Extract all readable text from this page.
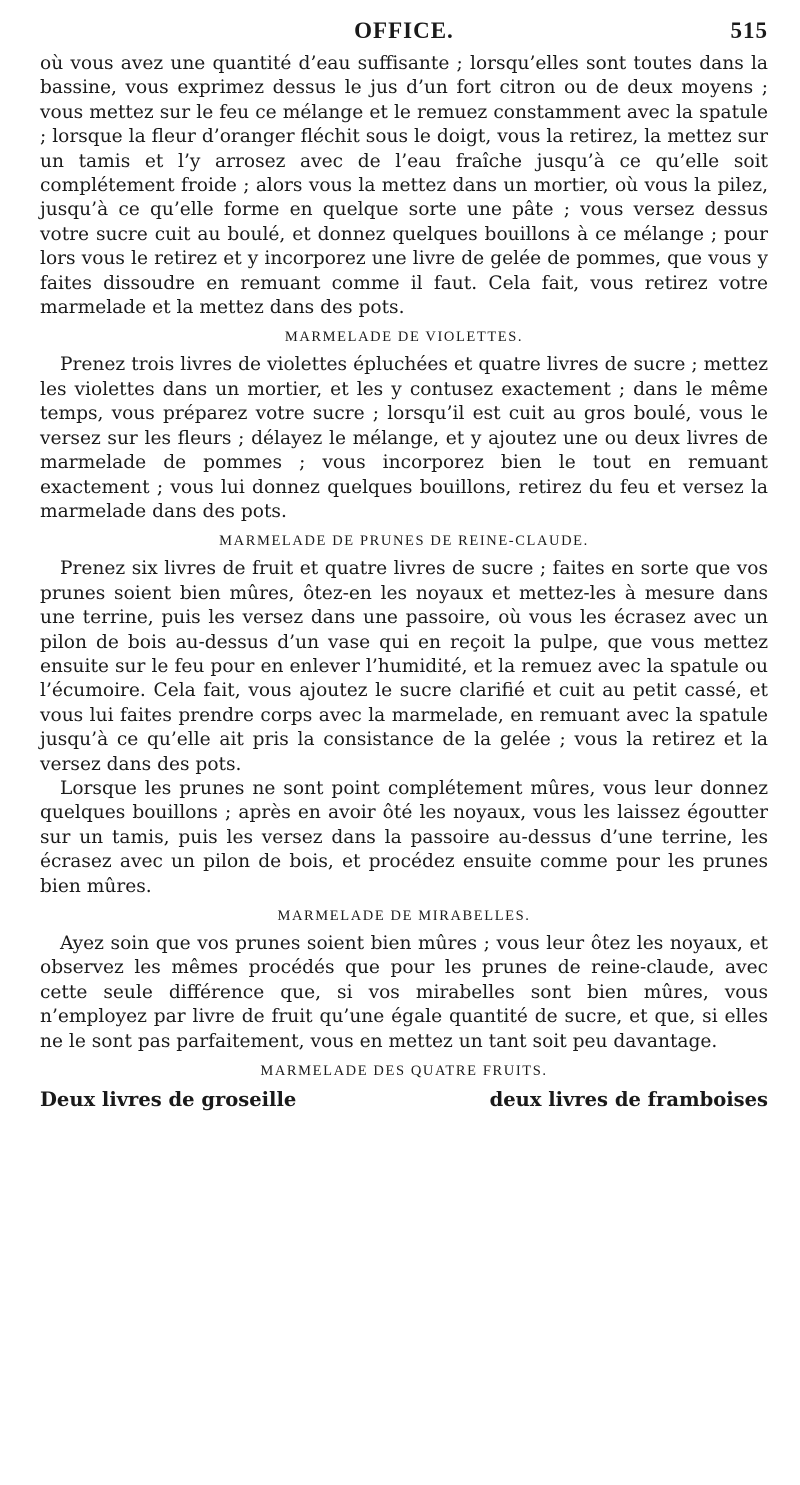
OFFICE.	515

où vous avez une quantité d’eau suffisante ; lorsqu’elles sont toutes dans la bassine, vous exprimez dessus le jus d’un fort citron ou de deux moyens ; vous mettez sur le feu ce mélange et le remuez constamment avec la spatule ; lorsque la fleur d’oranger fléchit sous le doigt, vous la retirez, la mettez sur un tamis et l’y arrosez avec de l’eau fraîche jusqu’à ce qu’elle soit complétement froide ; alors vous la mettez dans un mortier, où vous la pilez, jusqu’à ce qu’elle forme en quelque sorte une pâte ; vous versez dessus votre sucre cuit au boulé, et donnez quelques bouillons à ce mélange ; pour lors vous le retirez et y incorporez une livre de gelée de pommes, que vous y faites dissoudre en remuant comme il faut. Cela fait, vous retirez votre marmelade et la mettez dans des pots.

MARMELADE DE VIOLETTES.

Prenez trois livres de violettes épluchées et quatre livres de sucre ; mettez les violettes dans un mortier, et les y contusez exactement ; dans le même temps, vous préparez votre sucre ; lorsqu’il est cuit au gros boulé, vous le versez sur les fleurs ; délayez le mélange, et y ajoutez une ou deux livres de marmelade de pommes ; vous incorporez bien le tout en remuant exactement ; vous lui donnez quelques bouillons, retirez du feu et versez la marmelade dans des pots.

MARMELADE DE PRUNES DE REINE-CLAUDE.

Prenez six livres de fruit et quatre livres de sucre ; faites en sorte que vos prunes soient bien mûres, ôtez-en les noyaux et mettez-les à mesure dans une terrine, puis les versez dans une passoire, où vous les écrasez avec un pilon de bois au-dessus d’un vase qui en reçoit la pulpe, que vous mettez ensuite sur le feu pour en enlever l’humidité, et la remuez avec la spatule ou l’écumoire. Cela fait, vous ajoutez le sucre clarifié et cuit au petit cassé, et vous lui faites prendre corps avec la marmelade, en remuant avec la spatule jusqu’à ce qu’elle ait pris la consistance de la gelée ; vous la retirez et la versez dans des pots.

Lorsque les prunes ne sont point complétement mûres, vous leur donnez quelques bouillons ; après en avoir ôté les noyaux, vous les laissez égoutter sur un tamis, puis les versez dans la passoire au-dessus d’une terrine, les écrasez avec un pilon de bois, et procédez ensuite comme pour les prunes bien mûres.

MARMELADE DE MIRABELLES.

Ayez soin que vos prunes soient bien mûres ; vous leur ôtez les noyaux, et observez les mêmes procédés que pour les prunes de reine-claude, avec cette seule différence que, si vos mirabelles sont bien mûres, vous n’employez par livre de fruit qu’une égale quantité de sucre, et que, si elles ne le sont pas parfaitement, vous en mettez un tant soit peu davantage.

MARMELADE DES QUATRE FRUITS.
Deux livres de groseille	deux livres de framboises
